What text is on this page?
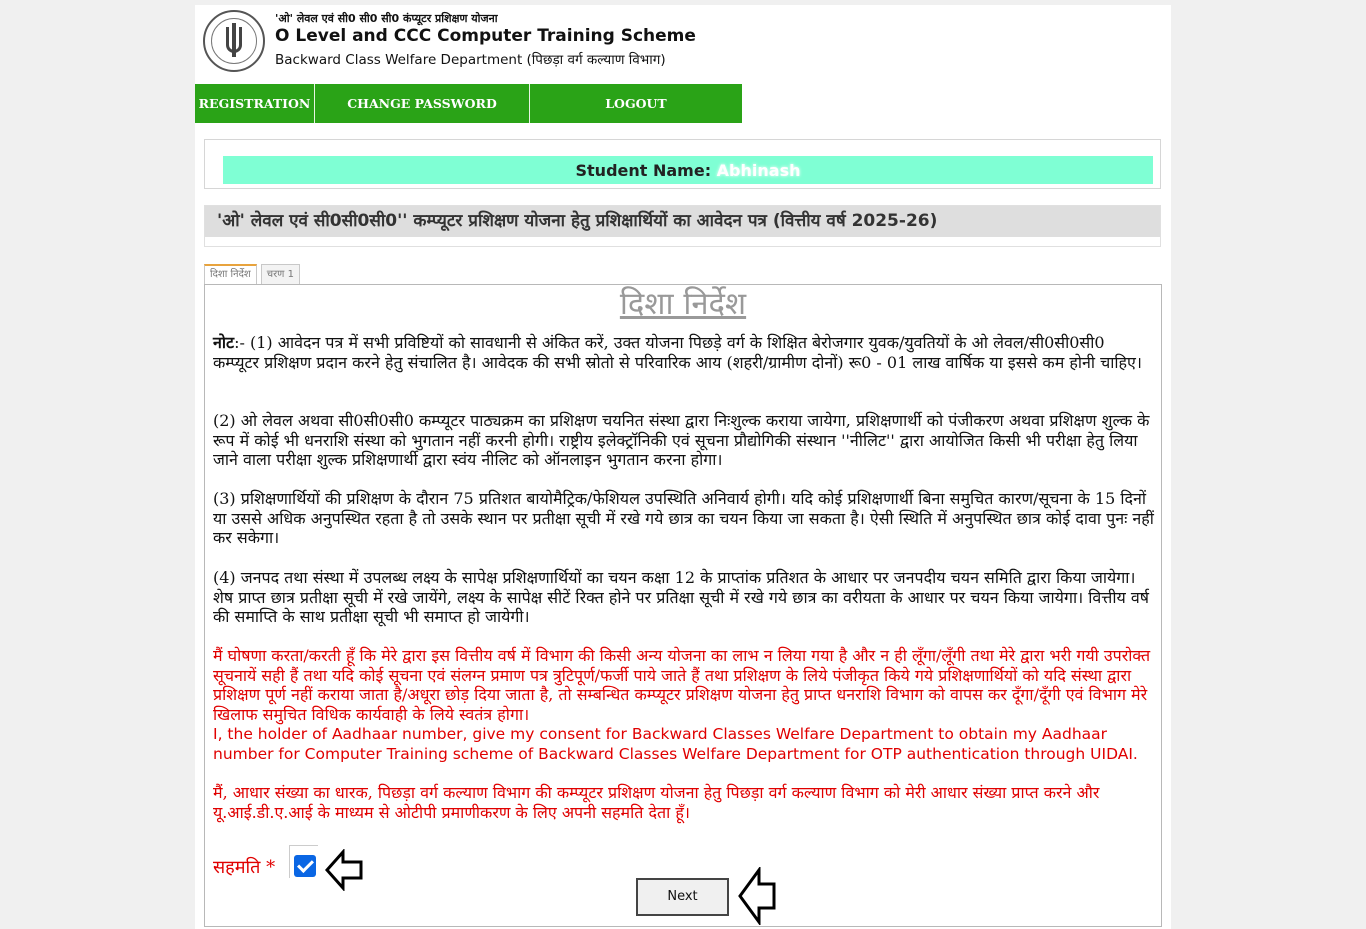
'ओ' लेवल एवं सी0 सी0 सी0 कंप्यूटर प्रशिक्षण योजना
O Level and CCC Computer Training Scheme
Backward Class Welfare Department (पिछड़ा वर्ग कल्याण विभाग)
REGISTRATION	CHANGE PASSWORD	LOGOUT
Student Name: Abhinash
'ओ' लेवल एवं सी0सी0सी0'' कम्प्यूटर प्रशिक्षण योजना हेतु प्रशिक्षार्थियों का आवेदन पत्र (वित्तीय वर्ष 2025-26)
दिशा निर्देश	चरण 1
दिशा निर्देश
नोट:- (1) आवेदन पत्र में सभी प्रविष्टियों को सावधानी से अंकित करें, उक्त योजना पिछड़े वर्ग के शिक्षित बेरोजगार युवक/युवतियों के ओ लेवल/सी0सी0सी0 कम्प्यूटर प्रशिक्षण प्रदान करने हेतु संचालित है। आवेदक की सभी स्रोतो से परिवारिक आय (शहरी/ग्रामीण दोनों) रू0 - 01 लाख वार्षिक या इससे कम होनी चाहिए।
(2) ओ लेवल अथवा सी0सी0सी0 कम्प्यूटर पाठ्यक्रम का प्रशिक्षण चयनित संस्था द्वारा निःशुल्क कराया जायेगा, प्रशिक्षणार्थी को पंजीकरण अथवा प्रशिक्षण शुल्क के रूप में कोई भी धनराशि संस्था को भुगतान नहीं करनी होगी। राष्ट्रीय इलेक्ट्रॉनिकी एवं सूचना प्रौद्योगिकी संस्थान ''नीलिट'' द्वारा आयोजित किसी भी परीक्षा हेतु लिया जाने वाला परीक्षा शुल्क प्रशिक्षणार्थी द्वारा स्वंय नीलिट को ऑनलाइन भुगतान करना होगा।
(3) प्रशिक्षणार्थियों की प्रशिक्षण के दौरान 75 प्रतिशत बायोमैट्रिक/फेशियल उपस्थिति अनिवार्य होगी। यदि कोई प्रशिक्षणार्थी बिना समुचित कारण/सूचना के 15 दिनों या उससे अधिक अनुपस्थित रहता है तो उसके स्थान पर प्रतीक्षा सूची में रखे गये छात्र का चयन किया जा सकता है। ऐसी स्थिति में अनुपस्थित छात्र कोई दावा पुनः नहीं कर सकेगा।
(4) जनपद तथा संस्था में उपलब्ध लक्ष्य के सापेक्ष प्रशिक्षणार्थियों का चयन कक्षा 12 के प्राप्तांक प्रतिशत के आधार पर जनपदीय चयन समिति द्वारा किया जायेगा। शेष प्राप्त छात्र प्रतीक्षा सूची में रखे जायेंगे, लक्ष्य के सापेक्ष सीटें रिक्त होने पर प्रतिक्षा सूची में रखे गये छात्र का वरीयता के आधार पर चयन किया जायेगा। वित्तीय वर्ष की समाप्ति के साथ प्रतीक्षा सूची भी समाप्त हो जायेगी।
मैं घोषणा करता/करती हूँ कि मेरे द्वारा इस वित्तीय वर्ष में विभाग की किसी अन्य योजना का लाभ न लिया गया है और न ही लूँगा/लूँगी तथा मेरे द्वारा भरी गयी उपरोक्त सूचनायें सही हैं तथा यदि कोई सूचना एवं संलग्न प्रमाण पत्र त्रुटिपूर्ण/फर्जी पाये जाते हैं तथा प्रशिक्षण के लिये पंजीकृत किये गये प्रशिक्षणार्थियों को यदि संस्था द्वारा प्रशिक्षण पूर्ण नहीं कराया जाता है/अधूरा छोड़ दिया जाता है, तो सम्बन्धित कम्प्यूटर प्रशिक्षण योजना हेतु प्राप्त धनराशि विभाग को वापस कर दूँगा/दूँगी एवं विभाग मेरे खिलाफ समुचित विधिक कार्यवाही के लिये स्वतंत्र होगा।
I, the holder of Aadhaar number, give my consent for Backward Classes Welfare Department to obtain my Aadhaar number for Computer Training scheme of Backward Classes Welfare Department for OTP authentication through UIDAI.
मैं, आधार संख्या का धारक, पिछड़ा वर्ग कल्याण विभाग की कम्प्यूटर प्रशिक्षण योजना हेतु पिछड़ा वर्ग कल्याण विभाग को मेरी आधार संख्या प्राप्त करने और यू.आई.डी.ए.आई के माध्यम से ओटीपी प्रमाणीकरण के लिए अपनी सहमति देता हूँ।
सहमति *
Next
